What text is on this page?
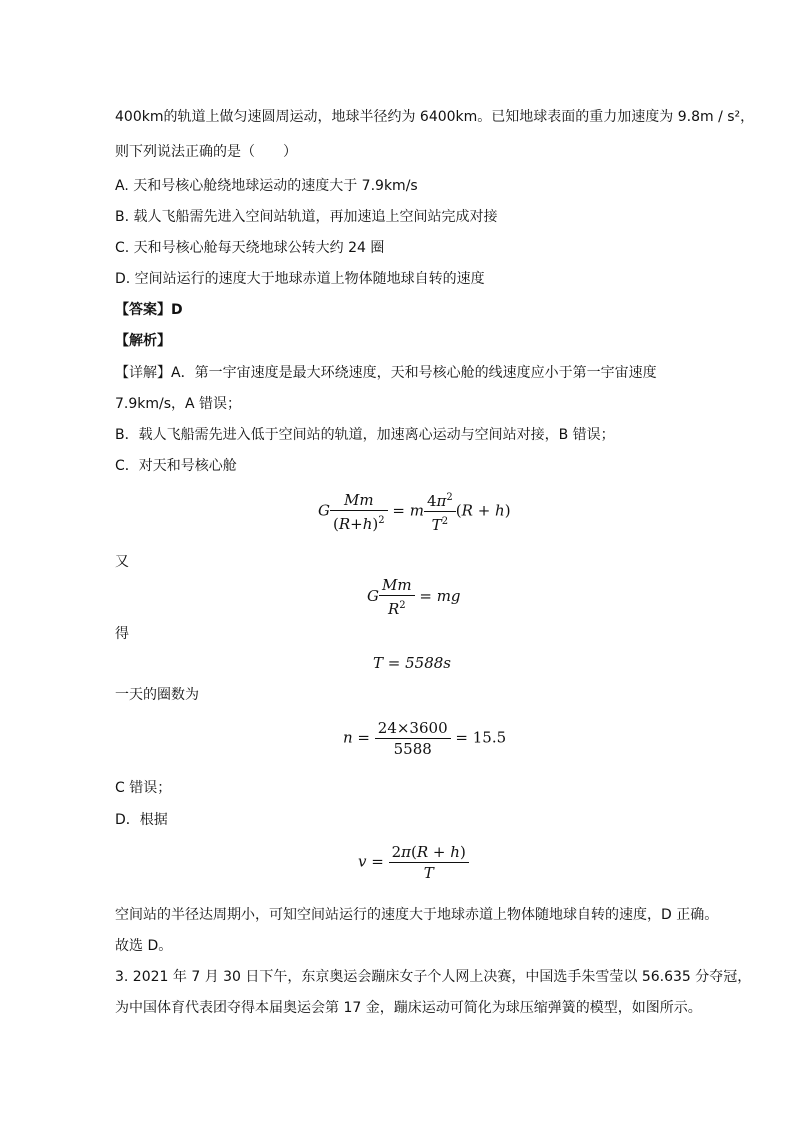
400km的轨道上做匀速圆周运动，地球半径约为 6400km。已知地球表面的重力加速度为 9.8m / s²，
则下列说法正确的是（　　）
A. 天和号核心舱绕地球运动的速度大于 7.9km/s
B. 载人飞船需先进入空间站轨道，再加速追上空间站完成对接
C. 天和号核心舱每天绕地球公转大约 24 圈
D. 空间站运行的速度大于地球赤道上物体随地球自转的速度
【答案】D
【解析】
【详解】A．第一宇宙速度是最大环绕速度，天和号核心舱的线速度应小于第一宇宙速度
7.9km/s，A 错误；
B．载人飞船需先进入低于空间站的轨道，加速离心运动与空间站对接，B 错误；
C．对天和号核心舱
G $\frac{Mm}{(R+h)^2} = m \frac{4\pi^2}{T^2} (R + h)$
又
G $\frac{Mm}{R^2}$ = mg
得
T = 5588s
一天的圈数为
$n = \frac{24\times 3600}{5588} = 15.5$
C 错误；
D．根据
$v = \frac{2\pi(R + h)}{T}$
空间站的半径达周期小，可知空间站运行的速度大于地球赤道上物体随地球自转的速度，D 正确。
故选 D。
3. 2021 年 7 月 30 日下午，东京奥运会蹦床女子个人网上决赛，中国选手朱雪莹以 56.635 分夺冠，
为中国体育代表团夺得本届奥运会第 17 金，蹦床运动可简化为球压缩弹簧的模型，如图所示。
